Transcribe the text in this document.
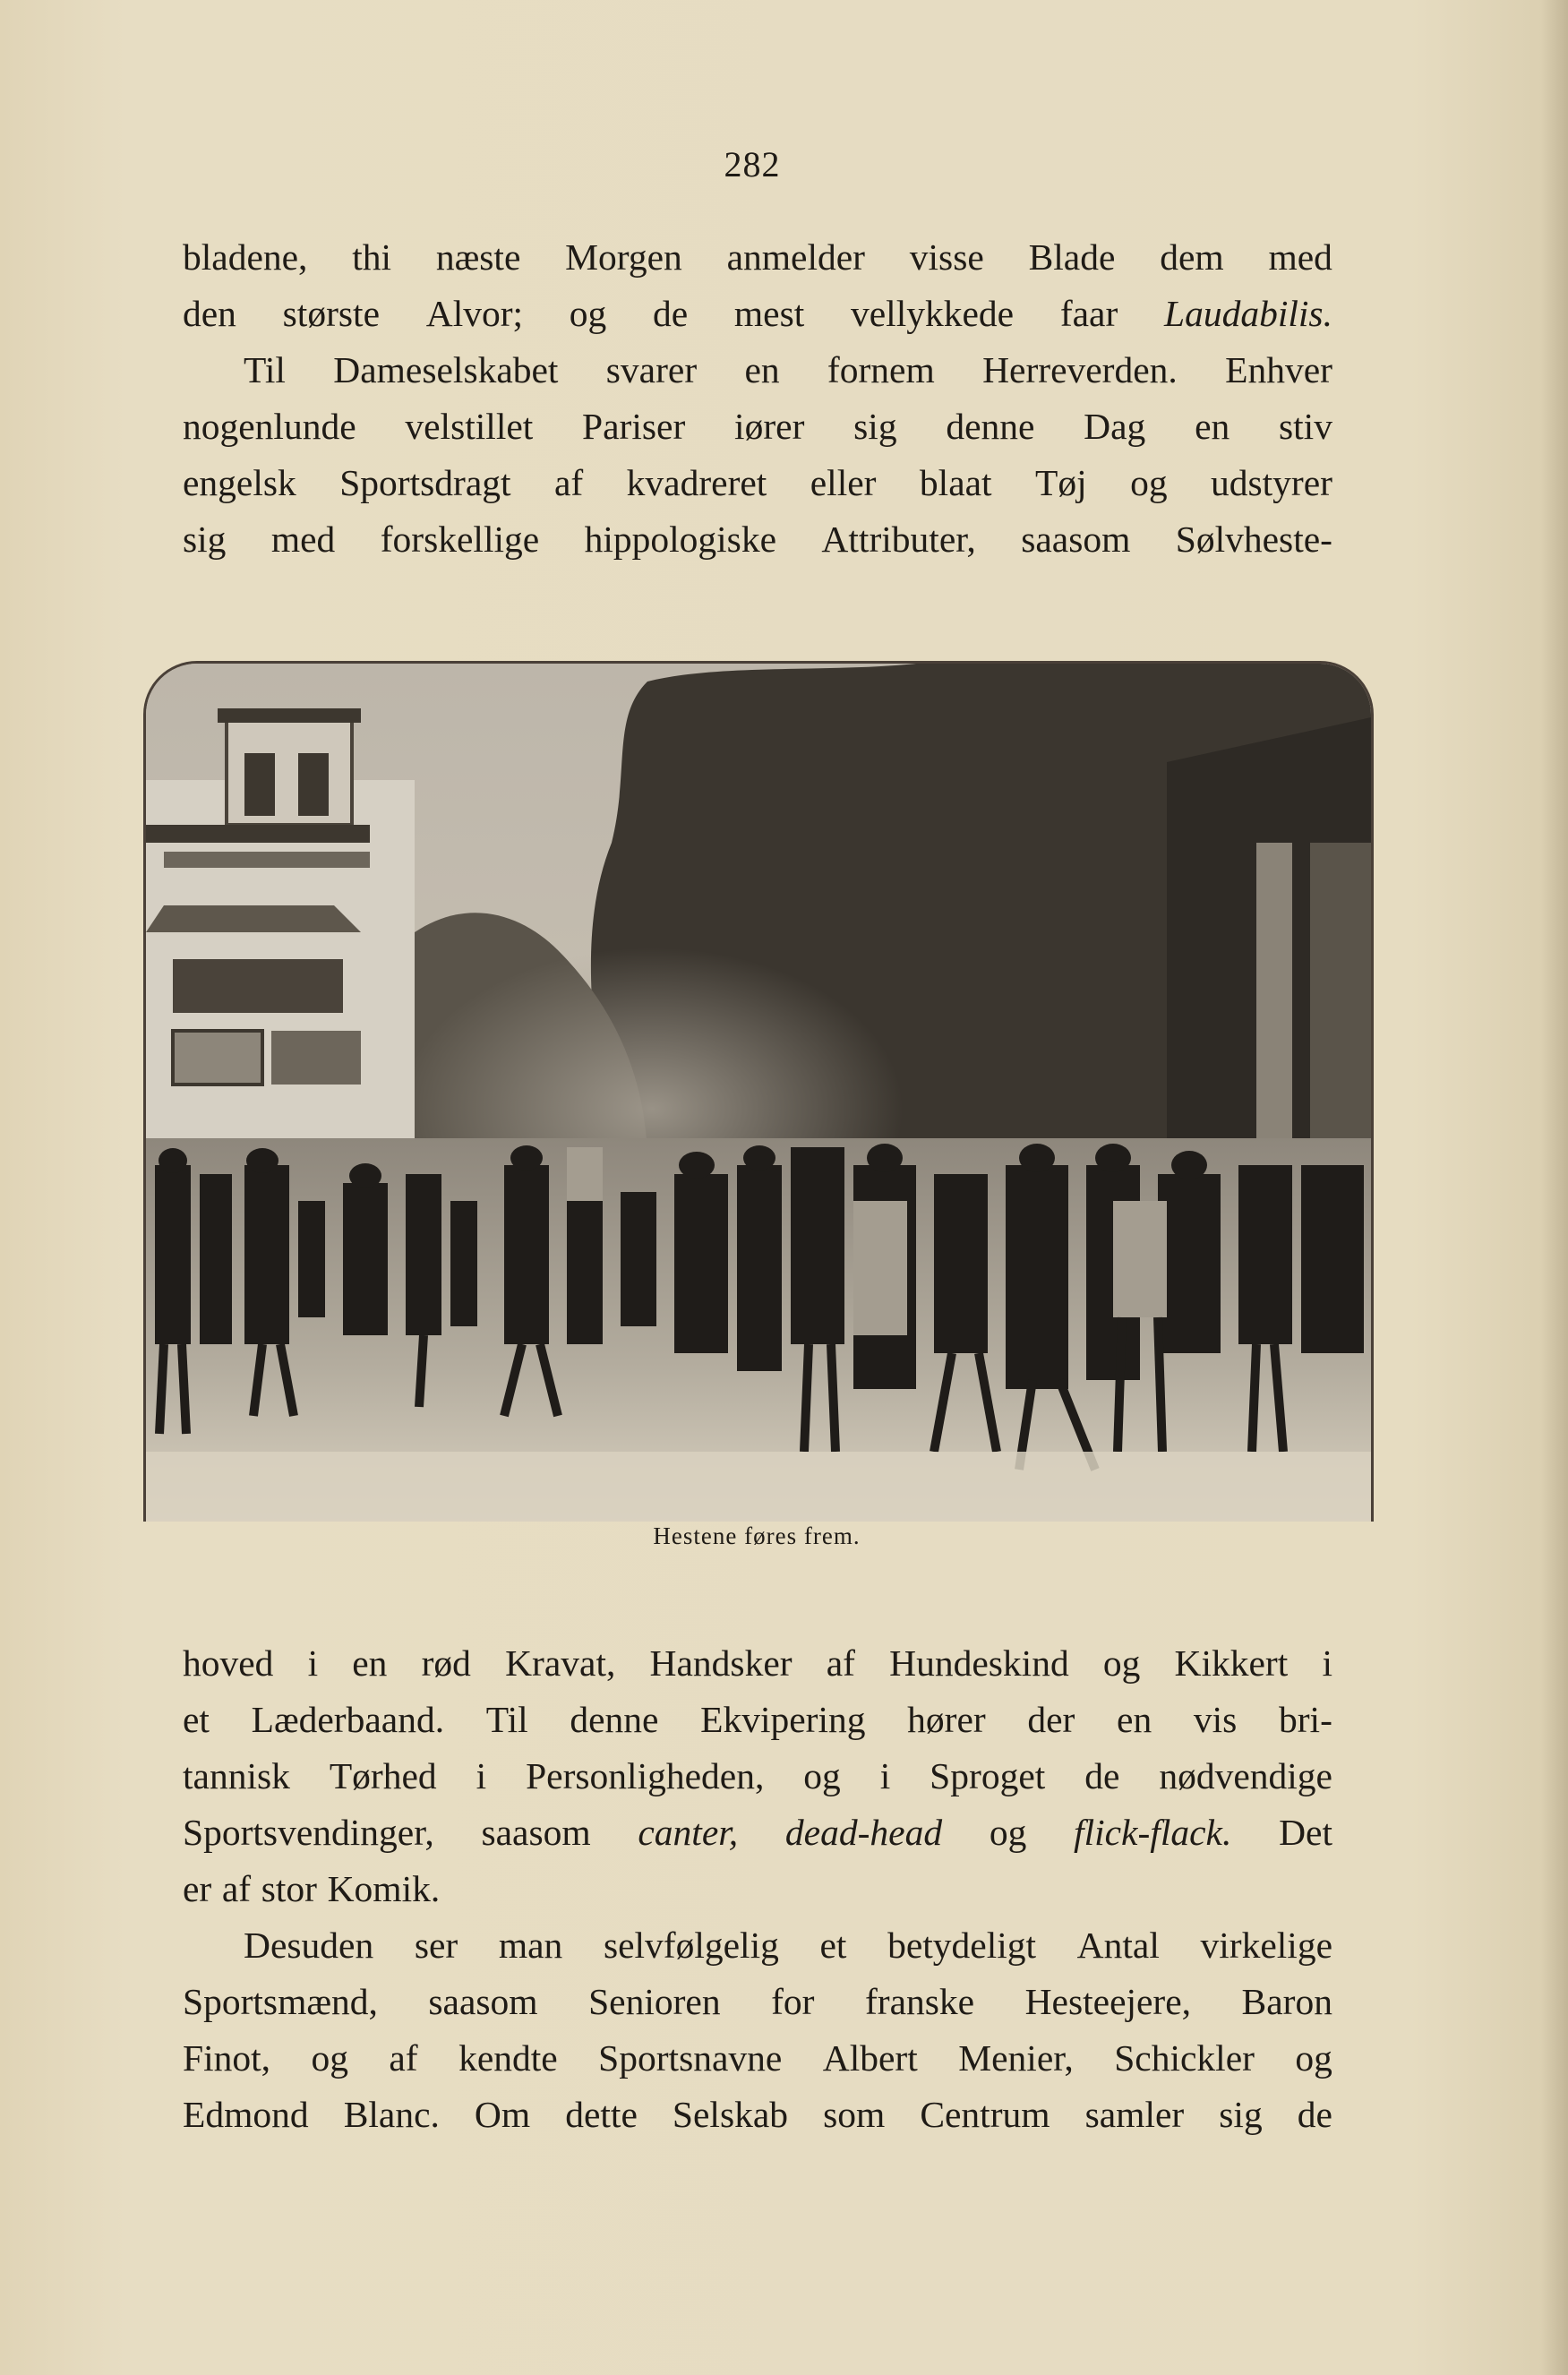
282
bladene, thi næste Morgen anmelder visse Blade dem med
den største Alvor; og de mest vellykkede faar Laudabilis.
Til Dameselskabet svarer en fornem Herreverden. Enhver
nogenlunde velstillet Pariser iører sig denne Dag en stiv
engelsk Sportsdragt af kvadreret eller blaat Tøj og udstyrer
sig med forskellige hippologiske Attributer, saasom Sølvheste-
Hestene føres frem.
hoved i en rød Kravat, Handsker af Hundeskind og Kikkert i
et Læderbaand. Til denne Ekvipering hører der en vis bri-
tannisk Tørhed i Personligheden, og i Sproget de nødvendige
Sportsvendinger, saasom canter, dead-head og flick-flack. Det
er af stor Komik.
Desuden ser man selvfølgelig et betydeligt Antal virkelige
Sportsmænd, saasom Senioren for franske Hesteejere, Baron
Finot, og af kendte Sportsnavne Albert Menier, Schickler og
Edmond Blanc. Om dette Selskab som Centrum samler sig de
